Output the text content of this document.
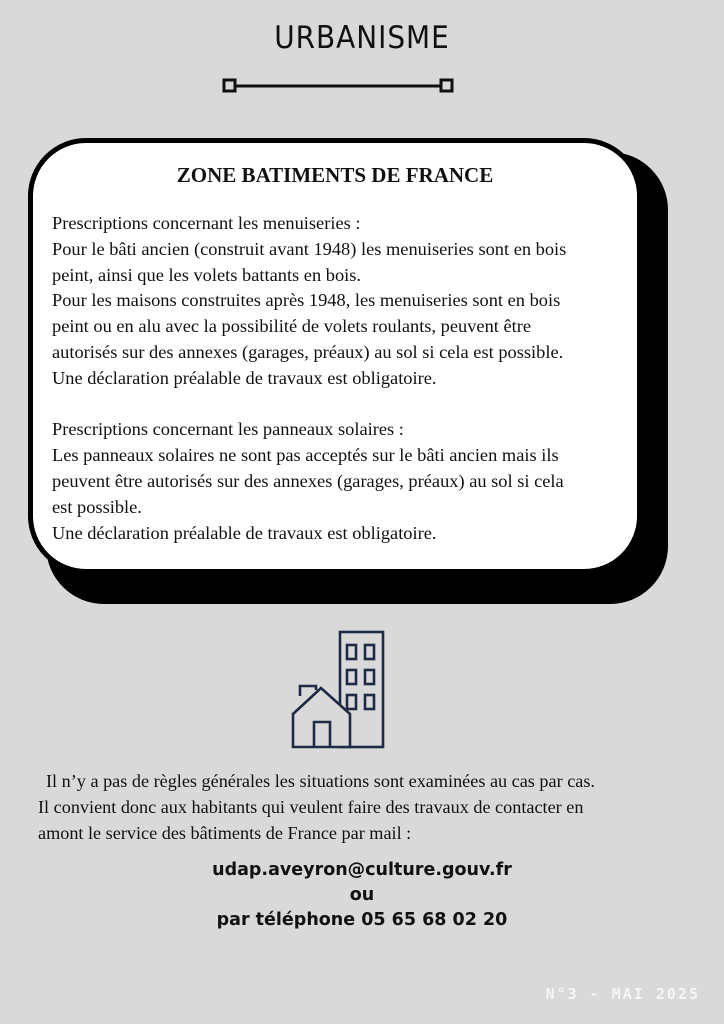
URBANISME
ZONE BATIMENTS DE FRANCE

Prescriptions concernant les menuiseries :

Pour le bâti ancien (construit avant 1948) les menuiseries sont en bois

peint, ainsi que les volets battants en bois.

Pour les maisons construites après 1948, les menuiseries sont en bois

peint ou en alu avec la possibilité de volets roulants, peuvent être

autorisés sur des annexes (garages, préaux) au sol si cela est possible.

Une déclaration préalable de travaux est obligatoire.

Prescriptions concernant les panneaux solaires :

Les panneaux solaires ne sont pas acceptés sur le bâti ancien mais ils

peuvent être autorisés sur des annexes (garages, préaux) au sol si cela

est possible.

Une déclaration préalable de travaux est obligatoire.

Il n’y a pas de règles générales les situations sont examinées au cas par cas.

Il convient donc aux habitants qui veulent faire des travaux de contacter en

amont le service des bâtiments de France par mail :

udap.aveyron@culture.gouv.fr
ou
par téléphone 05 65 68 02 20
N°3 - MAI 2025
